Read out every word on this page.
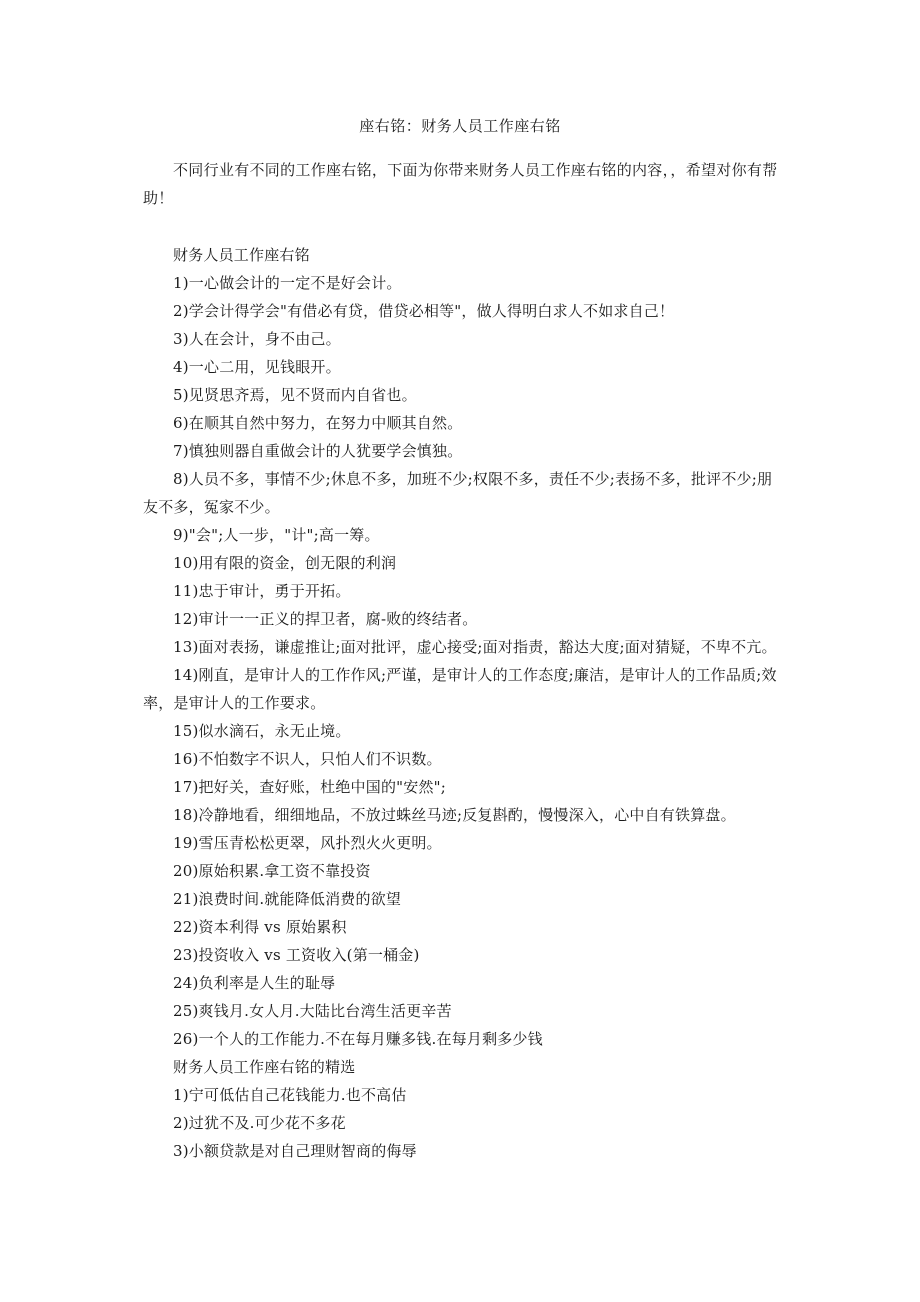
座右铭：财务人员工作座右铭
不同行业有不同的工作座右铭，下面为你带来财务人员工作座右铭的内容，，希望对你有帮助！

财务人员工作座右铭

1)一心做会计的一定不是好会计。

2)学会计得学会"有借必有贷，借贷必相等"，做人得明白求人不如求自己！

3)人在会计，身不由己。

4)一心二用，见钱眼开。

5)见贤思齐焉，见不贤而内自省也。

6)在顺其自然中努力，在努力中顺其自然。

7)慎独则器自重做会计的人犹要学会慎独。

8)人员不多，事情不少;休息不多，加班不少;权限不多，责任不少;表扬不多，批评不少;朋友不多，冤家不少。

9)"会";人一步，"计";高一筹。

10)用有限的资金，创无限的利润

11)忠于审计，勇于开拓。

12)审计一一正义的捍卫者，腐-败的终结者。

13)面对表扬，谦虚推让;面对批评，虚心接受;面对指责，豁达大度;面对猜疑，不卑不亢。

14)刚直，是审计人的工作作风;严谨，是审计人的工作态度;廉洁，是审计人的工作品质;效率，是审计人的工作要求。

15)似水滴石，永无止境。

16)不怕数字不识人，只怕人们不识数。

17)把好关，查好账，杜绝中国的"安然";

18)冷静地看，细细地品，不放过蛛丝马迹;反复斟酌，慢慢深入，心中自有铁算盘。

19)雪压青松松更翠，风扑烈火火更明。

20)原始积累.拿工资不靠投资

21)浪费时间.就能降低消费的欲望

22)资本利得 vs 原始累积

23)投资收入 vs 工资收入(第一桶金)

24)负利率是人生的耻辱

25)爽钱月.女人月.大陆比台湾生活更辛苦

26)一个人的工作能力.不在每月赚多钱.在每月剩多少钱

财务人员工作座右铭的精选

1)宁可低估自己花钱能力.也不高估

2)过犹不及.可少花不多花

3)小额贷款是对自己理财智商的侮辱
